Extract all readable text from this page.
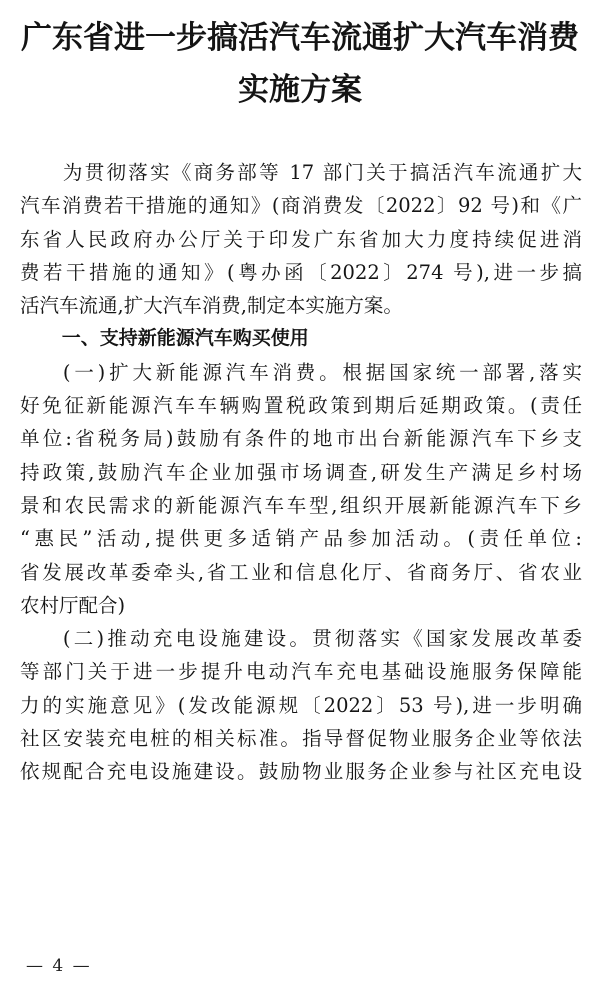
广东省进一步搞活汽车流通扩大汽车消费
实施方案
为贯彻落实《商务部等 17 部门关于搞活汽车流通扩大
汽车消费若干措施的通知》(商消费发〔2022〕92 号)和《广
东省人民政府办公厅关于印发广东省加大力度持续促进消
费若干措施的通知》(粤办函〔2022〕274 号),进一步搞
活汽车流通,扩大汽车消费,制定本实施方案。
一、支持新能源汽车购买使用
(一)扩大新能源汽车消费。根据国家统一部署,落实
好免征新能源汽车车辆购置税政策到期后延期政策。(责任
单位:省税务局)鼓励有条件的地市出台新能源汽车下乡支
持政策,鼓励汽车企业加强市场调查,研发生产满足乡村场
景和农民需求的新能源汽车车型,组织开展新能源汽车下乡
“惠民”活动,提供更多适销产品参加活动。(责任单位:
省发展改革委牵头,省工业和信息化厅、省商务厅、省农业
农村厅配合)
(二)推动充电设施建设。贯彻落实《国家发展改革委
等部门关于进一步提升电动汽车充电基础设施服务保障能
力的实施意见》(发改能源规〔2022〕53 号),进一步明确
社区安装充电桩的相关标准。指导督促物业服务企业等依法
依规配合充电设施建设。鼓励物业服务企业参与社区充电设
— 4 —
